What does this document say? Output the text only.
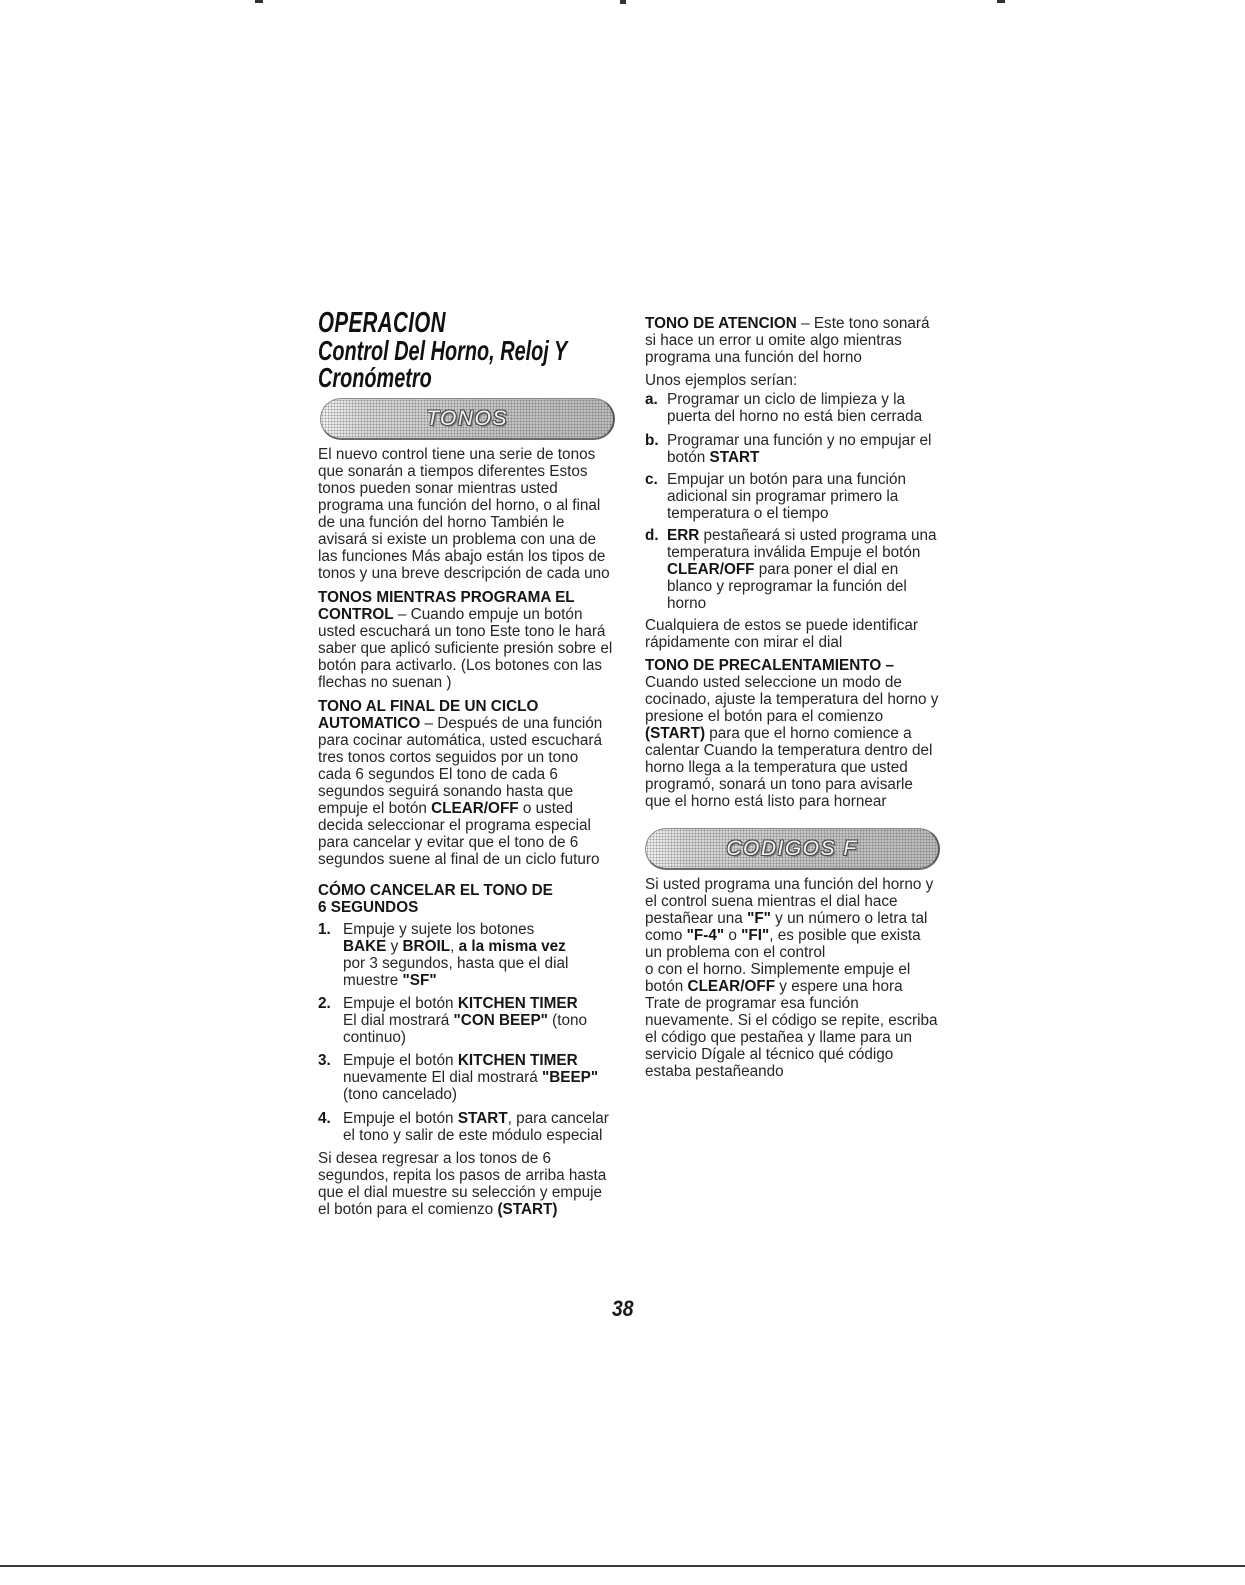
OPERACION
Control Del Horno, Reloj Y
Cronómetro
TONOS

El nuevo control tiene una serie de tonos que sonarán a tiempos diferentes Estos tonos pueden sonar mientras usted programa una función del horno, o al final de una función del horno También le avisará si existe un problema con una de las funciones Más abajo están los tipos de tonos y una breve descripción de cada uno

TONOS MIENTRAS PROGRAMA EL CONTROL – Cuando empuje un botón usted escuchará un tono Este tono le hará saber que aplicó suficiente presión sobre el botón para activarlo. (Los botones con las flechas no suenan )

TONO AL FINAL DE UN CICLO AUTOMATICO – Después de una función para cocinar automática, usted escuchará tres tonos cortos seguidos por un tono cada 6 segundos El tono de cada 6 segundos seguirá sonando hasta que empuje el botón CLEAR/OFF o usted decida seleccionar el programa especial para cancelar y evitar que el tono de 6 segundos suene al final de un ciclo futuro

CÓMO CANCELAR EL TONO DE
6 SEGUNDOS

1. Empuje y sujete los botones
BAKE y BROIL, a la misma vez
por 3 segundos, hasta que el dial muestre "SF"
2. Empuje el botón KITCHEN TIMER
El dial mostrará "CON BEEP" (tono continuo)
3. Empuje el botón KITCHEN TIMER
nuevamente El dial mostrará "BEEP" (tono cancelado)
4. Empuje el botón START, para cancelar el tono y salir de este módulo especial

Si desea regresar a los tonos de 6 segundos, repita los pasos de arriba hasta que el dial muestre su selección y empuje el botón para el comienzo (START)

TONO DE ATENCION – Este tono sonará si hace un error u omite algo mientras programa una función del horno

Unos ejemplos serían:

a. Programar un ciclo de limpieza y la puerta del horno no está bien cerrada
b. Programar una función y no empujar el botón START
c. Empujar un botón para una función adicional sin programar primero la temperatura o el tiempo
d. ERR pestañeará si usted programa una temperatura inválida Empuje el botón CLEAR/OFF para poner el dial en blanco y reprogramar la función del horno

Cualquiera de estos se puede identificar rápidamente con mirar el dial

TONO DE PRECALENTAMIENTO –
Cuando usted seleccione un modo de cocinado, ajuste la temperatura del horno y presione el botón para el comienzo (START) para que el horno comience a calentar Cuando la temperatura dentro del horno llega a la temperatura que usted programó, sonará un tono para avisarle que el horno está listo para hornear

CODIGOS F

Si usted programa una función del horno y el control suena mientras el dial hace pestañear una "F" y un número o letra tal como "F-4" o "FI", es posible que exista un problema con el control
o con el horno. Simplemente empuje el botón CLEAR/OFF y espere una hora Trate de programar esa función nuevamente. Si el código se repite, escriba el código que pestañea y llame para un servicio Dígale al técnico qué código estaba pestañeando

38
